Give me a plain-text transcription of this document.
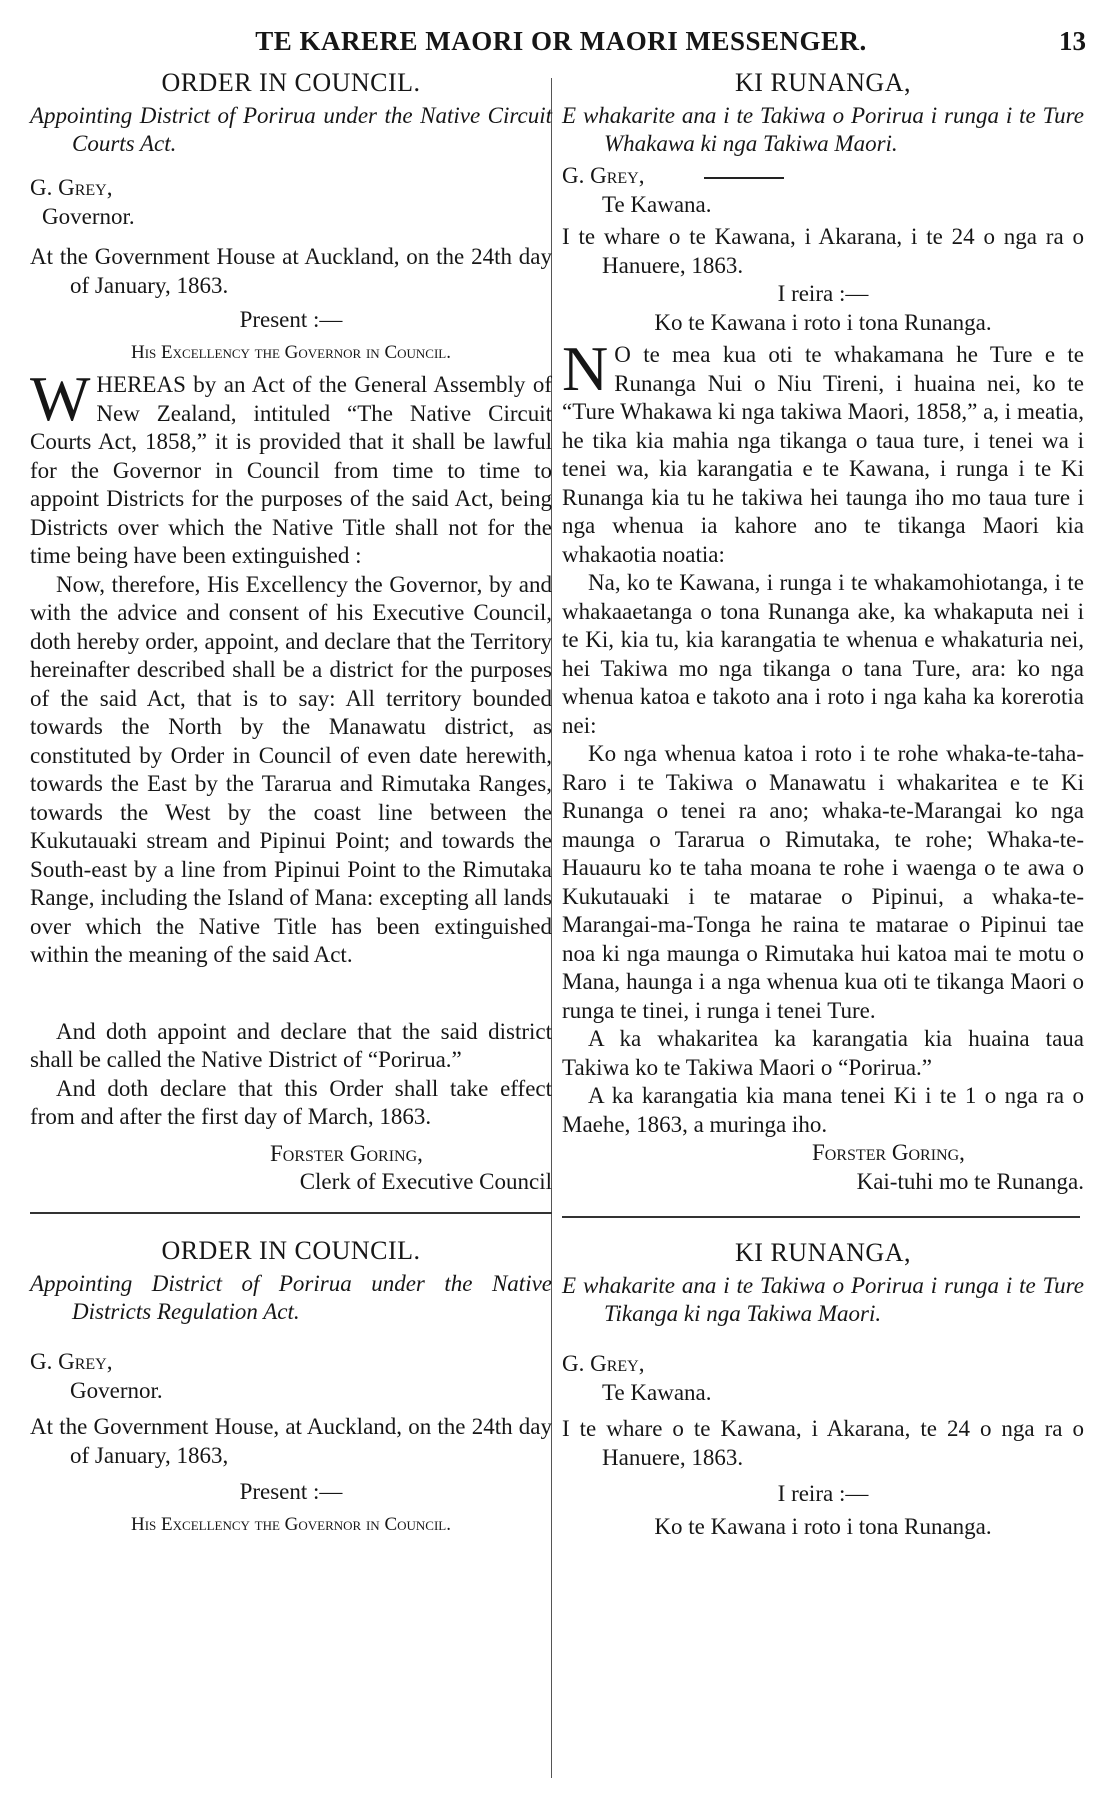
TE KARERE MAORI OR MAORI MESSENGER.	13

ORDER IN COUNCIL.

Appointing District of Porirua under the Native Circuit Courts Act.

G. Grey,

Governor.

At the Government House at Auckland, on the 24th day of January, 1863.

Present :—

His Excellency the Governor in Council.

W HEREAS by an Act of the General Assembly of New Zealand, intituled “The Native Circuit Courts Act, 1858,” it is provided that it shall be lawful for the Governor in Council from time to time to appoint Districts for the purposes of the said Act, being Districts over which the Native Title shall not for the time being have been extinguished :

Now, therefore, His Excellency the Governor, by and with the advice and consent of his Executive Council, doth hereby order, appoint, and declare that the Territory hereinafter described shall be a district for the purposes of the said Act, that is to say: All territory bounded towards the North by the Manawatu district, as constituted by Order in Council of even date herewith, towards the East by the Tararua and Rimutaka Ranges, towards the West by the coast line between the Kukutauaki stream and Pipinui Point; and towards the South-east by a line from Pipinui Point to the Rimutaka Range, including the Island of Mana: excepting all lands over which the Native Title has been extinguished within the meaning of the said Act.

And doth appoint and declare that the said district shall be called the Native District of “Porirua.”

And doth declare that this Order shall take effect from and after the first day of March, 1863.

Forster Goring,

Clerk of Executive Council

ORDER IN COUNCIL.

Appointing District of Porirua under the Native Districts Regulation Act.

G. Grey,

Governor.

At the Government House, at Auckland, on the 24th day of January, 1863,

Present :—

His Excellency the Governor in Council.

KI RUNANGA,

E whakarite ana i te Takiwa o Porirua i runga i te Ture Whakawa ki nga Takiwa Maori.

G. Grey,

Te Kawana.

I te whare o te Kawana, i Akarana, i te 24 o nga ra o Hanuere, 1863.

I reira :—

Ko te Kawana i roto i tona Runanga.

N O te mea kua oti te whakamana he Ture e te Runanga Nui o Niu Tireni, i huaina nei, ko te “Ture Whakawa ki nga takiwa Maori, 1858,” a, i meatia, he tika kia mahia nga tikanga o taua ture, i tenei wa i tenei wa, kia karangatia e te Kawana, i runga i te Ki Runanga kia tu he takiwa hei taunga iho mo taua ture i nga whenua ia kahore ano te tikanga Maori kia whakaotia noatia:

Na, ko te Kawana, i runga i te whakamohiotanga, i te whakaaetanga o tona Runanga ake, ka whakaputa nei i te Ki, kia tu, kia karangatia te whenua e whakaturia nei, hei Takiwa mo nga tikanga o tana Ture, ara: ko nga whenua katoa e takoto ana i roto i nga kaha ka korerotia nei:

Ko nga whenua katoa i roto i te rohe whaka-te-taha-Raro i te Takiwa o Manawatu i whakaritea e te Ki Runanga o tenei ra ano; whaka-te-Marangai ko nga maunga o Tararua o Rimutaka, te rohe; Whaka-te-Hauauru ko te taha moana te rohe i waenga o te awa o Kukutauaki i te matarae o Pipinui, a whaka-te-Marangai-ma-Tonga he raina te matarae o Pipinui tae noa ki nga maunga o Rimutaka hui katoa mai te motu o Mana, haunga i a nga whenua kua oti te tikanga Maori o runga te tinei, i runga i tenei Ture.

A ka whakaritea ka karangatia kia huaina taua Takiwa ko te Takiwa Maori o “Porirua.”

A ka karangatia kia mana tenei Ki i te 1 o nga ra o Maehe, 1863, a muringa iho.

Forster Goring,

Kai-tuhi mo te Runanga.

KI RUNANGA,

E whakarite ana i te Takiwa o Porirua i runga i te Ture Tikanga ki nga Takiwa Maori.

G. Grey,

Te Kawana.

I te whare o te Kawana, i Akarana, te 24 o nga ra o Hanuere, 1863.

I reira :—

Ko te Kawana i roto i tona Runanga.
